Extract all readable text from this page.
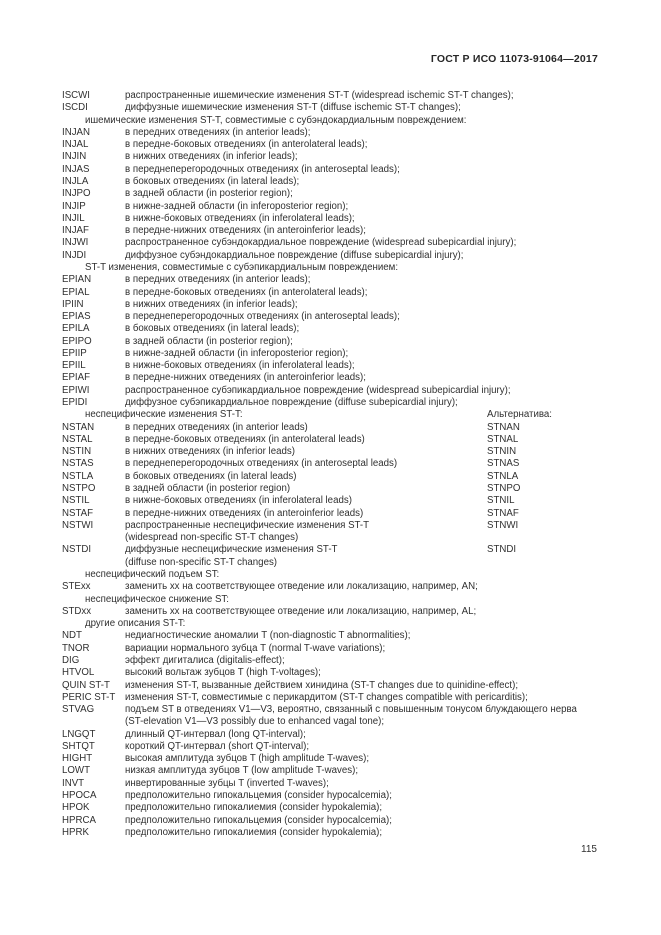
ГОСТ Р ИСО 11073-91064—2017
ISCWI	распространенные ишемические изменения ST-T (widespread ischemic ST-T changes);
ISCDI	диффузные ишемические изменения ST-T (diffuse ischemic ST-T changes);
ишемические изменения ST-T, совместимые с субэндокардиальным повреждением:
INJAN	в передних отведениях (in anterior leads);
INJAL	в передне-боковых отведениях (in anterolateral leads);
INJIN	в нижних отведениях (in inferior leads);
INJAS	в переднеперегородочных отведениях (in anteroseptal leads);
INJLA	в боковых отведениях (in lateral leads);
INJPO	в задней области (in posterior region);
INJIP	в нижне-задней области (in inferoposterior region);
INJIL	в нижне-боковых отведениях (in inferolateral leads);
INJAF	в передне-нижних отведениях (in anteroinferior leads);
INJWI	распространенное субэндокардиальное повреждение (widespread subepicardial injury);
INJDI	диффузное субэндокардиальное повреждение (diffuse subepicardial injury);
ST-T изменения, совместимые с субэпикардиальным повреждением:
EPIAN	в передних отведениях (in anterior leads);
EPIAL	в передне-боковых отведениях (in anterolateral leads);
IPIIN	в нижних отведениях (in inferior leads);
EPIAS	в переднеперегородочных отведениях (in anteroseptal leads);
EPILA	в боковых отведениях (in lateral leads);
EPIPO	в задней области (in posterior region);
EPIIP	в нижне-задней области (in inferoposterior region);
EPIIL	в нижне-боковых отведениях (in inferolateral leads);
EPIAF	в передне-нижних отведениях (in anteroinferior leads);
EPIWI	распространенное субэпикардиальное повреждение (widespread subepicardial injury);
EPIDI	диффузное субэпикардиальное повреждение (diffuse subepicardial injury);
неспецифические изменения ST-T:	Альтернатива:
NSTAN	в передних отведениях (in anterior leads)	STNAN
NSTAL	в передне-боковых отведениях (in anterolateral leads)	STNAL
NSTIN	в нижних отведениях (in inferior leads)	STNIN
NSTAS	в переднеперегородочных отведениях (in anteroseptal leads)	STNAS
NSTLA	в боковых отведениях (in lateral leads)	STNLA
NSTPO	в задней области (in posterior region)	STNPO
NSTIL	в нижне-боковых отведениях (in inferolateral leads)	STNIL
NSTAF	в передне-нижних отведениях (in anteroinferior leads)	STNAF
NSTWI	распространенные неспецифические изменения ST-T	STNWI
(widespread non-specific ST-T changes)
NSTDI	диффузные неспецифические изменения ST-T	STNDI
(diffuse non-specific ST-T changes)
неспецифический подъем ST:
STExx	заменить xx на соответствующее отведение или локализацию, например, AN;
неспецифическое снижение ST:
STDxx	заменить xx на соответствующее отведение или локализацию, например, AL;
другие описания ST-T:
NDT	недиагностические аномалии T (non-diagnostic T abnormalities);
TNOR	вариации нормального зубца T (normal T-wave variations);
DIG	эффект дигиталиса (digitalis-effect);
HTVOL	высокий вольтаж зубцов T (high T-voltages);
QUIN ST-T	изменения ST-T, вызванные действием хинидина (ST-T changes due to quinidine-effect);
PERIC ST-T	изменения ST-T, совместимые с перикардитом (ST-T changes compatible with pericarditis);
STVAG	подъем ST в отведениях V1—V3, вероятно, связанный с повышенным тонусом блуждающего нерва
(ST-elevation V1—V3 possibly due to enhanced vagal tone);
LNGQT	длинный QT-интервал (long QT-interval);
SHTQT	короткий QT-интервал (short QT-interval);
HIGHT	высокая амплитуда зубцов T (high amplitude T-waves);
LOWT	низкая амплитуда зубцов T (low amplitude T-waves);
INVT	инвертированные зубцы T (inverted T-waves);
HPOCA	предположительно гипокальцемия (consider hypocalcemia);
HPOK	предположительно гипокалиемия (consider hypokalemia);
HPRCA	предположительно гипокальцемия (consider hypocalcemia);
HPRK	предположительно гипокалиемия (consider hypokalemia);
115
